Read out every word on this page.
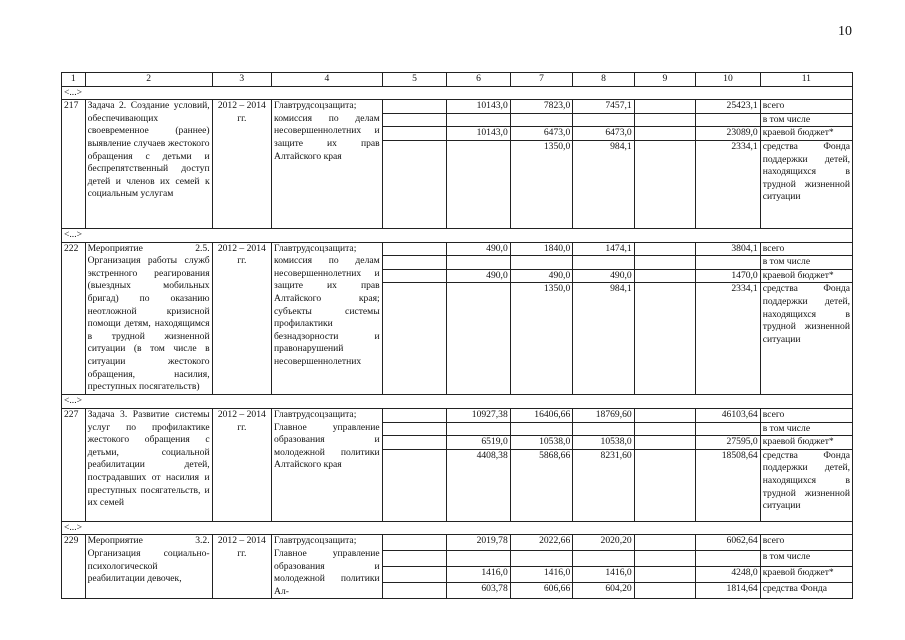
10
1	2	3	4	5	6	7	8	9	10	11
<...>										
217	Задача 2. Создание условий, обеспечивающих своевременное (раннее) выявление случаев жестокого обращения с детьми и беспрепятственный доступ детей и членов их семей к социальным услугам	2012 – 2014 гг.	Главтрудсоцзащита; комиссия по делам несовершеннолетних и защите их прав Алтайского края		10143,0	7823,0	7457,1		25423,1	всего
										в том числе
					10143,0	6473,0	6473,0		23089,0	краевой бюджет*
						1350,0	984,1		2334,1	средства Фонда поддержки детей, находящихся в трудной жизненной ситуации
<...>										
222	Мероприятие 2.5. Организация работы служб экстренного реагирования (выездных мобильных бригад) по оказанию неотложной кризисной помощи детям, находящимся в трудной жизненной ситуации (в том числе в ситуации жестокого обращения, насилия, преступных посягательств)	2012 – 2014 гг.	Главтрудсоцзащита; комиссия по делам несовершеннолетних и защите их прав Алтайского края; субъекты системы профилактики безнадзорности и правонарушений несовершеннолетних		490,0	1840,0	1474,1		3804,1	всего
										в том числе
					490,0	490,0	490,0		1470,0	краевой бюджет*
						1350,0	984,1		2334,1	средства Фонда поддержки детей, находящихся в трудной жизненной ситуации
<...>										
227	Задача 3. Развитие системы услуг по профилактике жестокого обращения с детьми, социальной реабилитации детей, пострадавших от насилия и преступных посягательств, и их семей	2012 – 2014 гг.	Главтрудсоцзащита; Главное управление образования и молодежной политики Алтайского края		10927,38	16406,66	18769,60		46103,64	всего
										в том числе
					6519,0	10538,0	10538,0		27595,0	краевой бюджет*
					4408,38	5868,66	8231,60		18508,64	средства Фонда поддержки детей, находящихся в трудной жизненной ситуации
<...>										
229	Мероприятие 3.2. Организация социально-психологической реабилитации девочек,	2012 – 2014 гг.	Главтрудсоцзащита; Главное управление образования и молодежной политики Ал-		2019,78	2022,66	2020,20		6062,64	всего
										в том числе
					1416,0	1416,0	1416,0		4248,0	краевой бюджет*
					603,78	606,66	604,20		1814,64	средства Фонда
